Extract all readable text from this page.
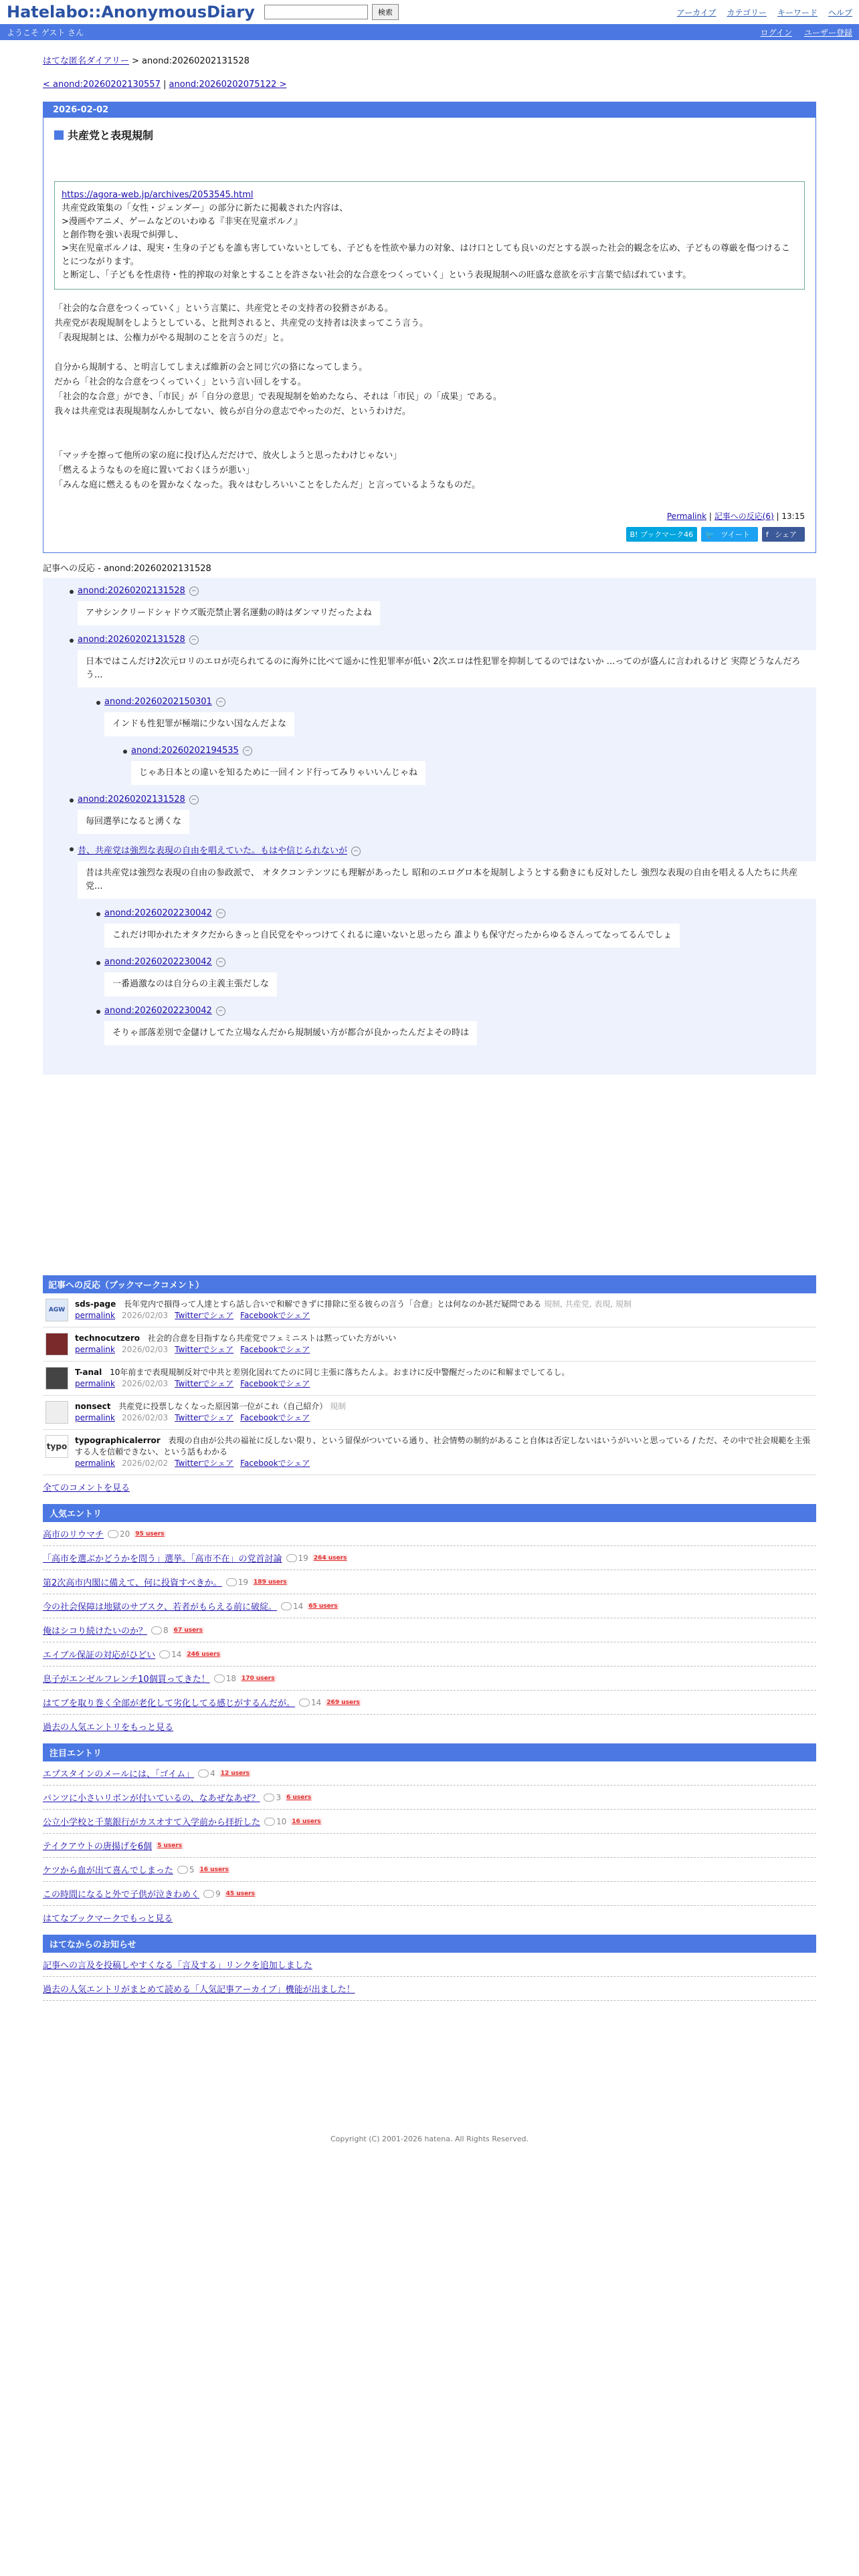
Hatelabo::AnonymousDiary	検索	アーカイブ カテゴリー キーワード ヘルプ
ようこそ ゲスト さん	ログイン ユーザー登録
はてな匿名ダイアリー > anond:20260202131528
< anond:20260202130557 | anond:20260202075122 >
2026-02-02
共産党と表現規制
https://agora-web.jp/archives/2053545.html
共産党政策集の「女性・ジェンダー」の部分に新たに掲載された内容は、
>漫画やアニメ、ゲームなどのいわゆる『非実在児童ポルノ』
と創作物を強い表現で糾弾し、
>実在児童ポルノは、現実・生身の子どもを誰も害していないとしても、子どもを性欲や暴力の対象、はけ口としても良いのだとする誤った社会的観念を広め、子どもの尊厳を傷つけることにつながります。
と断定し、「子どもを性虐待・性的搾取の対象とすることを許さない社会的な合意をつくっていく」という表現規制への旺盛な意欲を示す言葉で結ばれています。
「社会的な合意をつくっていく」という言葉に、共産党とその支持者の狡猾さがある。
共産党が表現規制をしようとしている、と批判されると、共産党の支持者は決まってこう言う。
「表現規制とは、公権力がやる規制のことを言うのだ」と。
自分から規制する、と明言してしまえば維新の会と同じ穴の狢になってしまう。
だから「社会的な合意をつくっていく」という言い回しをする。
「社会的な合意」ができ、「市民」が「自分の意思」で表現規制を始めたなら、それは「市民」の「成果」である。
我々は共産党は表現規制なんかしてない、彼らが自分の意志でやったのだ、というわけだ。
「マッチを擦って他所の家の庭に投げ込んだだけで、放火しようと思ったわけじゃない」
「燃えるようなものを庭に置いておくほうが悪い」
「みんな庭に燃えるものを置かなくなった。我々はむしろいいことをしたんだ」と言っているようなものだ。
Permalink | 記事への反応(6) | 13:15
B! ブックマーク46	🐦 ツイート	f シェア
記事への反応 - anond:20260202131528
anond:20260202131528 −
アサシンクリードシャドウズ販売禁止署名運動の時はダンマリだったよね
anond:20260202131528 −
日本ではこんだけ2次元ロリのエロが売られてるのに海外に比べて遥かに性犯罪率が低い 2次エロは性犯罪を抑制してるのではないか ...ってのが盛んに言われるけど 実際どうなんだろう...
anond:20260202150301 −
インドも性犯罪が極端に少ない国なんだよな
anond:20260202194535 −
じゃあ日本との違いを知るために一回インド行ってみりゃいいんじゃね
anond:20260202131528 −
毎回選挙になると湧くな
昔、共産党は強烈な表現の自由を唱えていた。もはや信じられないが −
昔は共産党は強烈な表現の自由の参政派で、 オタクコンテンツにも理解があったし 昭和のエログロ本を規制しようとする動きにも反対したし 強烈な表現の自由を唱える人たちに共産党...
anond:20260202230042 −
これだけ叩かれたオタクだからきっと自民党をやっつけてくれるに違いないと思ったら 誰よりも保守だったからゆるさんってなってるんでしょ
anond:20260202230042 −
一番過激なのは自分らの主義主張だしな
anond:20260202230042 −
そりゃ部落差別で金儲けしてた立場なんだから規制緩い方が都合が良かったんだよその時は
記事への反応（ブックマークコメント）
AGW
sds-page 長年党内で損得って人達とすら話し合いで和解できずに排除に至る彼らの言う「合意」とは何なのか甚だ疑問である 規制, 共産党, 表現, 規制
permalink 2026/02/03 Twitterでシェア Facebookでシェア
technocutzero 社会的合意を目指すなら共産党でフェミニストは黙っていた方がいい
permalink 2026/02/03 Twitterでシェア Facebookでシェア
T-anal 10年前まで表現規制反対で中共と差別化図れてたのに同じ主張に落ちたんよ。おまけに反中警醒だったのに和解までしてるし。
permalink 2026/02/03 Twitterでシェア Facebookでシェア
nonsect 共産党に投票しなくなった原因第一位がこれ（自己紹介） 規制
permalink 2026/02/03 Twitterでシェア Facebookでシェア
typo
typographicalerror 表現の自由が公共の福祉に反しない限り、という留保がついている通り、社会情勢の制約があること自体は否定しないはいうがいいと思っている / ただ、その中で社会規範を主張する人を信頼できない、という話もわかる
permalink 2026/02/02 Twitterでシェア Facebookでシェア
全てのコメントを見る
人気エントリ
高市のリウマチ 20 95 users
「高市を選ぶかどうかを問う」選挙。「高市不在」の党首討論 19 264 users
第2次高市内閣に備えて、何に投資すべきか。 19 189 users
今の社会保障は地獄のサブスク、若者がもらえる前に破綻。 14 65 users
俺はシコり続けたいのか？ 8 67 users
エイブル保証の対応がひどい 14 246 users
息子がエンゼルフレンチ10個買ってきた！ 18 170 users
はてブを取り巻く全部が老化して劣化してる感じがするんだが。 14 269 users
過去の人気エントリをもっと見る
注目エントリ
エプスタインのメールには、「ゴイム」 4 12 users
パンツに小さいリボンが付いているの、なあぜなあぜ？ 3 6 users
公立小学校と千葉銀行がカスオすて入学前から拝折した 10 16 users
テイクアウトの唐揚げを6個 5 users
ケツから血が出て喜んでしまった 5 16 users
この時間になると外で子供が泣きわめく 9 45 users
はてなブックマークでもっと見る
はてなからのお知らせ
記事への言及を投稿しやすくなる「言及する」リンクを追加しました
過去の人気エントリがまとめて読める「人気記事アーカイブ」機能が出ました！
Copyright (C) 2001-2026 hatena. All Rights Reserved.
